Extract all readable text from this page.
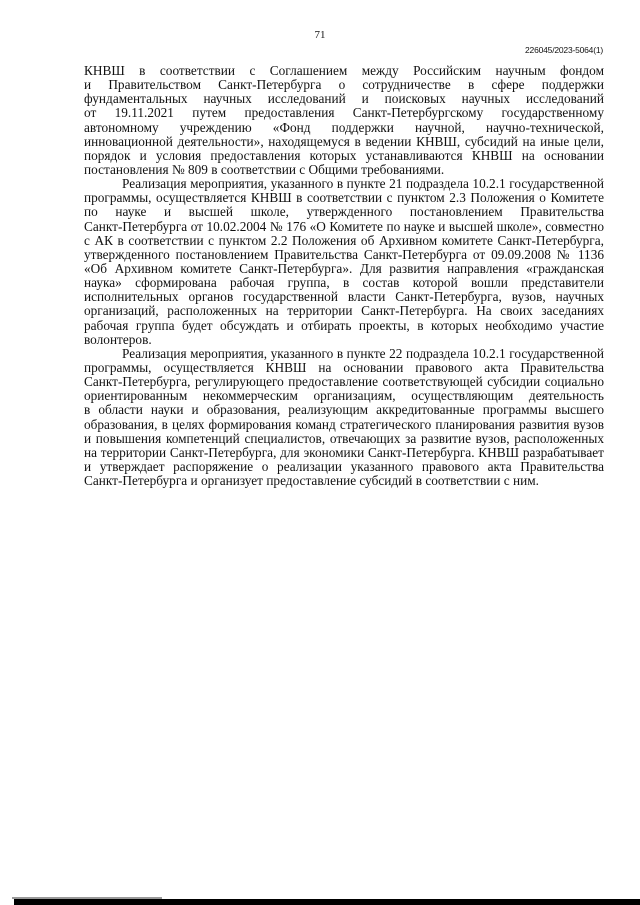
71
226045/2023-5064(1)
КНВШ в соответствии с Соглашением между Российским научным фондом
и Правительством Санкт-Петербурга о сотрудничестве в сфере поддержки
фундаментальных научных исследований и поисковых научных исследований
от 19.11.2021 путем предоставления Санкт-Петербургскому государственному
автономному учреждению «Фонд поддержки научной, научно-технической,
инновационной деятельности», находящемуся в ведении КНВШ, субсидий на иные цели,
порядок и условия предоставления которых устанавливаются КНВШ на основании
постановления № 809 в соответствии с Общими требованиями.
Реализация мероприятия, указанного в пункте 21 подраздела 10.2.1 государственной
программы, осуществляется КНВШ в соответствии с пунктом 2.3 Положения о Комитете
по науке и высшей школе, утвержденного постановлением Правительства
Санкт-Петербурга от 10.02.2004 № 176 «О Комитете по науке и высшей школе», совместно
с АК в соответствии с пунктом 2.2 Положения об Архивном комитете Санкт-Петербурга,
утвержденного постановлением Правительства Санкт-Петербурга от 09.09.2008 № 1136
«Об Архивном комитете Санкт-Петербурга». Для развития направления «гражданская
наука» сформирована рабочая группа, в состав которой вошли представители
исполнительных органов государственной власти Санкт-Петербурга, вузов, научных
организаций, расположенных на территории Санкт-Петербурга. На своих заседаниях
рабочая группа будет обсуждать и отбирать проекты, в которых необходимо участие
волонтеров.
Реализация мероприятия, указанного в пункте 22 подраздела 10.2.1 государственной
программы, осуществляется КНВШ на основании правового акта Правительства
Санкт-Петербурга, регулирующего предоставление соответствующей субсидии социально
ориентированным некоммерческим организациям, осуществляющим деятельность
в области науки и образования, реализующим аккредитованные программы высшего
образования, в целях формирования команд стратегического планирования развития вузов
и повышения компетенций специалистов, отвечающих за развитие вузов, расположенных
на территории Санкт-Петербурга, для экономики Санкт-Петербурга. КНВШ разрабатывает
и утверждает распоряжение о реализации указанного правового акта Правительства
Санкт-Петербурга и организует предоставление субсидий в соответствии с ним.
